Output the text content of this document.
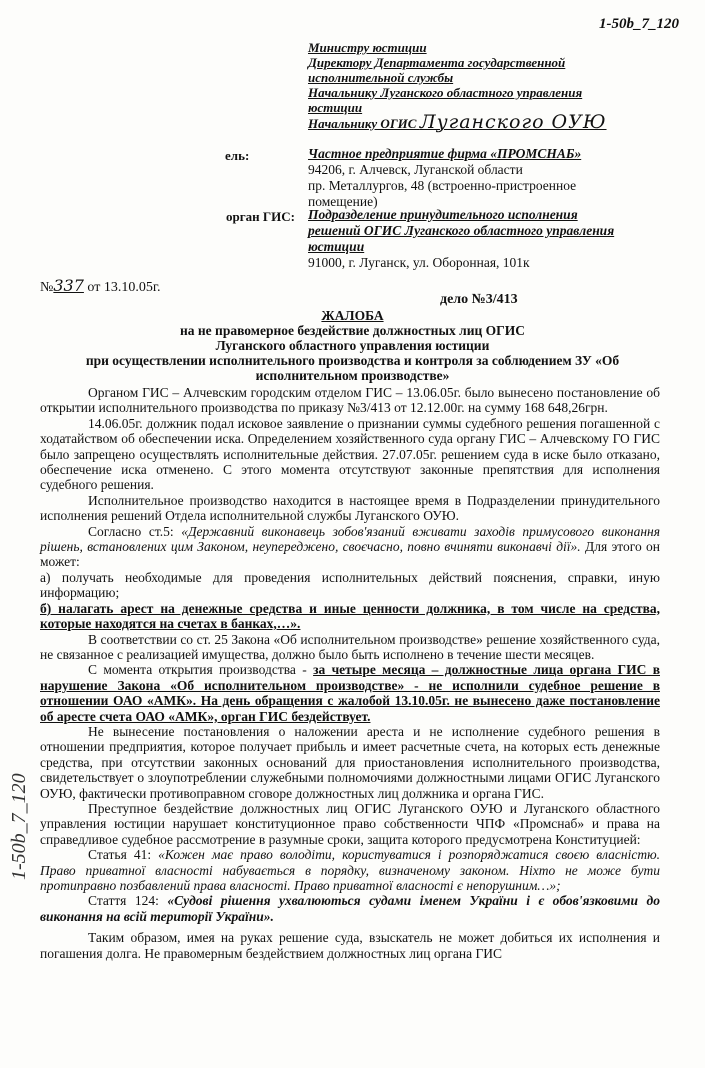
1-50b_7_120
1-50b_7_120
Министру юстиции
Директору Департамента государственной
исполнительной службы
Начальнику Луганского областного управления
юстиции
Начальнику ОГИС Луганского ОУЮ
ель:	Частное предприятие фирма «ПРОМСНАБ»
94206, г. Алчевск, Луганской области
пр. Металлургов, 48 (встроенно-пристроенное
помещение)
орган ГИС: Подразделение принудительного исполнения
решений ОГИС Луганского областного управления
юстиции
91000, г. Луганск, ул. Оборонная, 101к
№337 от 13.10.05г.
дело №3/413
ЖАЛОБА
на не правомерное бездействие должностных лиц ОГИС
Луганского областного управления юстиции
при осуществлении исполнительного производства и контроля за соблюдением ЗУ «Об
исполнительном производстве»

Органом ГИС – Алчевским городским отделом ГИС – 13.06.05г. было вынесено постановление об открытии исполнительного производства по приказу №3/413 от 12.12.00г. на сумму 168 648,26грн.

14.06.05г. должник подал исковое заявление о признании суммы судебного решения погашенной с ходатайством об обеспечении иска. Определением хозяйственного суда органу ГИС – Алчевскому ГО ГИС было запрещено осуществлять исполнительные действия. 27.07.05г. решением суда в иске было отказано, обеспечение иска отменено. С этого момента отсутствуют законные препятствия для исполнения судебного решения.

Исполнительное производство находится в настоящее время в Подразделении принудительного исполнения решений Отдела исполнительной службы Луганского ОУЮ.

Согласно ст.5: «Державний виконавець зобов'язаний вживати заходів примусового виконання рішень, встановлених цим Законом, неупереджено, своєчасно, повно вчиняти виконавчі дії». Для этого он может:

а) получать необходимые для проведения исполнительных действий пояснения, справки, иную информацию;

б) налагать арест на денежные средства и иные ценности должника, в том числе на средства, которые находятся на счетах в банках,…».

В соответствии со ст. 25 Закона «Об исполнительном производстве» решение хозяйственного суда, не связанное с реализацией имущества, должно было быть исполнено в течение шести месяцев.

С момента открытия производства - за четыре месяца – должностные лица органа ГИС в нарушение Закона «Об исполнительном производстве» - не исполнили судебное решение в отношении ОАО «АМК». На день обращения с жалобой 13.10.05г. не вынесено даже постановление об аресте счета ОАО «АМК», орган ГИС бездействует.

Не вынесение постановления о наложении ареста и не исполнение судебного решения в отношении предприятия, которое получает прибыль и имеет расчетные счета, на которых есть денежные средства, при отсутствии законных оснований для приостановления исполнительного производства, свидетельствует о злоупотреблении служебными полномочиями должностными лицами ОГИС Луганского ОУЮ, фактически противоправном сговоре должностных лиц должника и органа ГИС.

Преступное бездействие должностных лиц ОГИС Луганского ОУЮ и Луганского областного управления юстиции нарушает конституционное право собственности ЧПФ «Промснаб» и права на справедливое судебное рассмотрение в разумные сроки, защита которого предусмотрена Конституцией:

Статья 41: «Кожен має право володіти, користуватися і розпоряджатися своєю власністю. Право приватної власності набувається в порядку, визначеному законом. Ніхто не може бути протиправно позбавлений права власності. Право приватної власності є непорушним…»;

Стаття 124: «Судові рішення ухвалюються судами іменем України і є обов'язковими до виконання на всій території України».

Таким образом, имея на руках решение суда, взыскатель не может добиться их исполнения и погашения долга. Не правомерным бездействием должностных лиц органа ГИС
